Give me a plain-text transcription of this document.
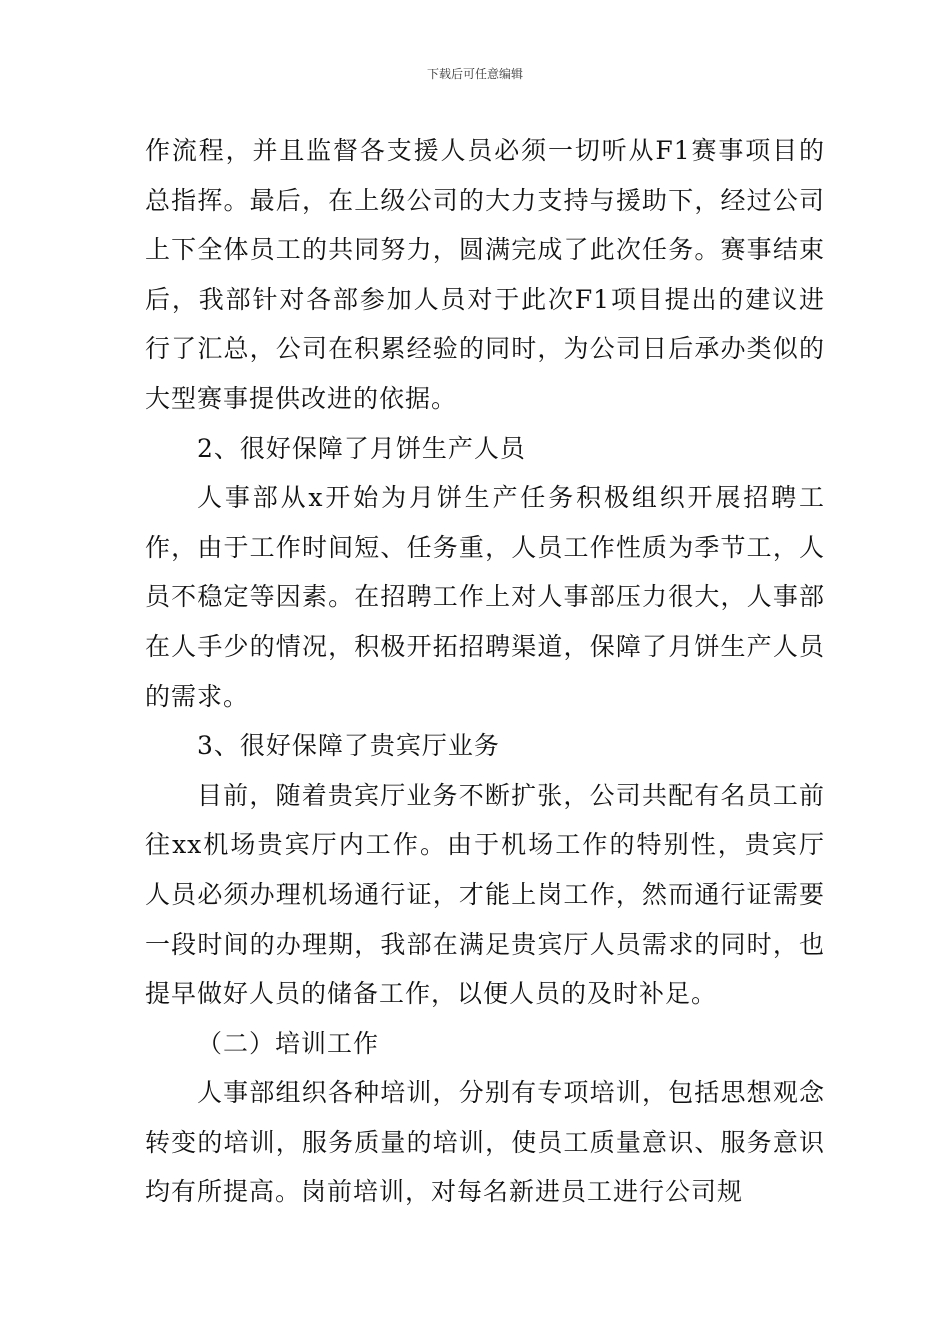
下载后可任意编辑

作流程，并且监督各支援人员必须一切听从F1赛事项目的总指挥。最后，在上级公司的大力支持与援助下，经过公司上下全体员工的共同努力，圆满完成了此次任务。赛事结束后，我部针对各部参加人员对于此次F1项目提出的建议进行了汇总，公司在积累经验的同时，为公司日后承办类似的大型赛事提供改进的依据。

2、很好保障了月饼生产人员

人事部从x开始为月饼生产任务积极组织开展招聘工作，由于工作时间短、任务重，人员工作性质为季节工，人员不稳定等因素。在招聘工作上对人事部压力很大，人事部在人手少的情况，积极开拓招聘渠道，保障了月饼生产人员的需求。

3、很好保障了贵宾厅业务

目前，随着贵宾厅业务不断扩张，公司共配有名员工前往xx机场贵宾厅内工作。由于机场工作的特别性，贵宾厅人员必须办理机场通行证，才能上岗工作，然而通行证需要一段时间的办理期，我部在满足贵宾厅人员需求的同时，也提早做好人员的储备工作，以便人员的及时补足。

（二）培训工作

人事部组织各种培训，分别有专项培训，包括思想观念转变的培训，服务质量的培训，使员工质量意识、服务意识均有所提高。岗前培训，对每名新进员工进行公司规
